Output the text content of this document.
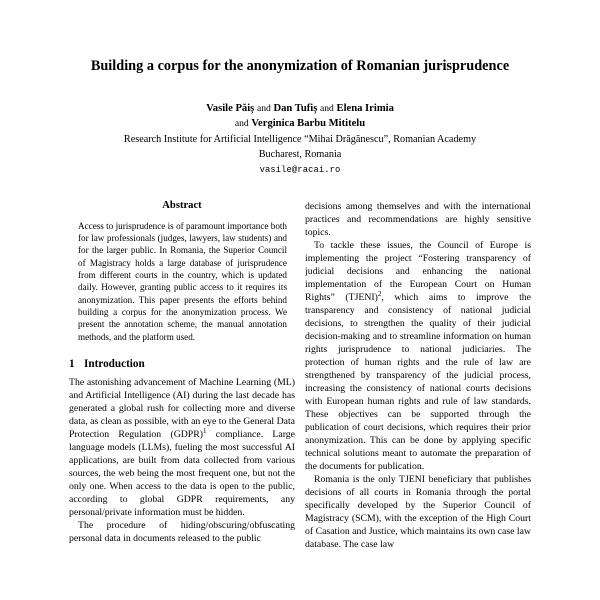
Building a corpus for the anonymization of Romanian jurisprudence
Vasile Păiș and Dan Tufiș and Elena Irimia
and Verginica Barbu Mititelu
Research Institute for Artificial Intelligence “Mihai Drăgănescu”, Romanian Academy
Bucharest, Romania
vasile@racai.ro
Abstract

Access to jurisprudence is of paramount importance both for law professionals (judges, lawyers, law students) and for the larger public. In Romania, the Superior Council of Magistracy holds a large database of jurisprudence from different courts in the country, which is updated daily. However, granting public access to it requires its anonymization. This paper presents the efforts behind building a corpus for the anonymization process. We present the annotation scheme, the manual annotation methods, and the platform used.

1 Introduction

The astonishing advancement of Machine Learning (ML) and Artificial Intelligence (AI) during the last decade has generated a global rush for collecting more and diverse data, as clean as possible, with an eye to the General Data Protection Regulation (GDPR)$^1$ compliance. Large language models (LLMs), fueling the most successful AI applications, are built from data collected from various sources, the web being the most frequent one, but not the only one. When access to the data is open to the public, according to global GDPR requirements, any personal/private information must be hidden.

The procedure of hiding/obscuring/obfuscating personal data in documents released to the public

decisions among themselves and with the international practices and recommendations are highly sensitive topics.

To tackle these issues, the Council of Europe is implementing the project “Fostering transparency of judicial decisions and enhancing the national implementation of the European Court on Human Rights” (TJENI)$^2$, which aims to improve the transparency and consistency of national judicial decisions, to strengthen the quality of their judicial decision-making and to streamline information on human rights jurisprudence to national judiciaries. The protection of human rights and the rule of law are strengthened by transparency of the judicial process, increasing the consistency of national courts decisions with European human rights and rule of law standards. These objectives can be supported through the publication of court decisions, which requires their prior anonymization. This can be done by applying specific technical solutions meant to automate the preparation of the documents for publication.

Romania is the only TJENI beneficiary that publishes decisions of all courts in Romania through the portal specifically developed by the Superior Council of Magistracy (SCM), with the exception of the High Court of Casation and Justice, which maintains its own case law database. The case law
